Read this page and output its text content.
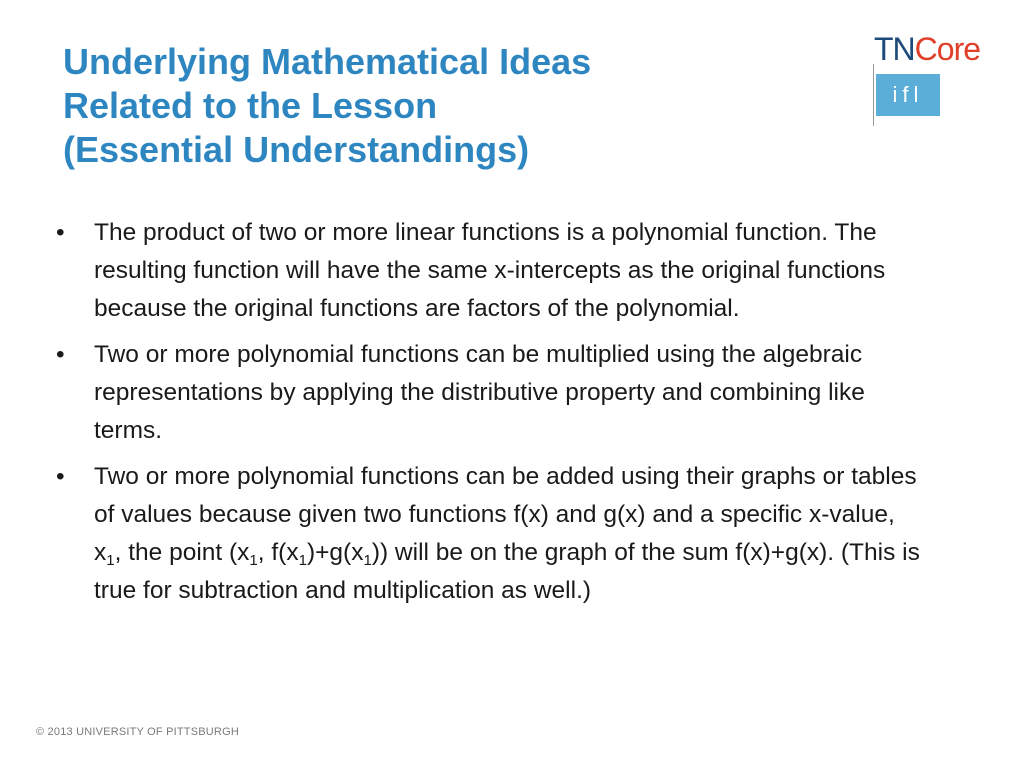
Underlying Mathematical Ideas
Related to the Lesson
(Essential Understandings)
TNCore
ifl
•	The product of two or more linear functions is a polynomial function. The resulting function will have the same x-intercepts as the original functions because the original functions are factors of the polynomial.
•	Two or more polynomial functions can be multiplied using the algebraic representations by applying the distributive property and combining like terms.
•	Two or more polynomial functions can be added using their graphs or tables of values because given two functions f(x) and g(x) and a specific x-value, $x_1$, the point ($x_1$, $f(x_1)+g(x_1)$) will be on the graph of the sum f(x)+g(x). (This is true for subtraction and multiplication as well.)
© 2013 UNIVERSITY OF PITTSBURGH
